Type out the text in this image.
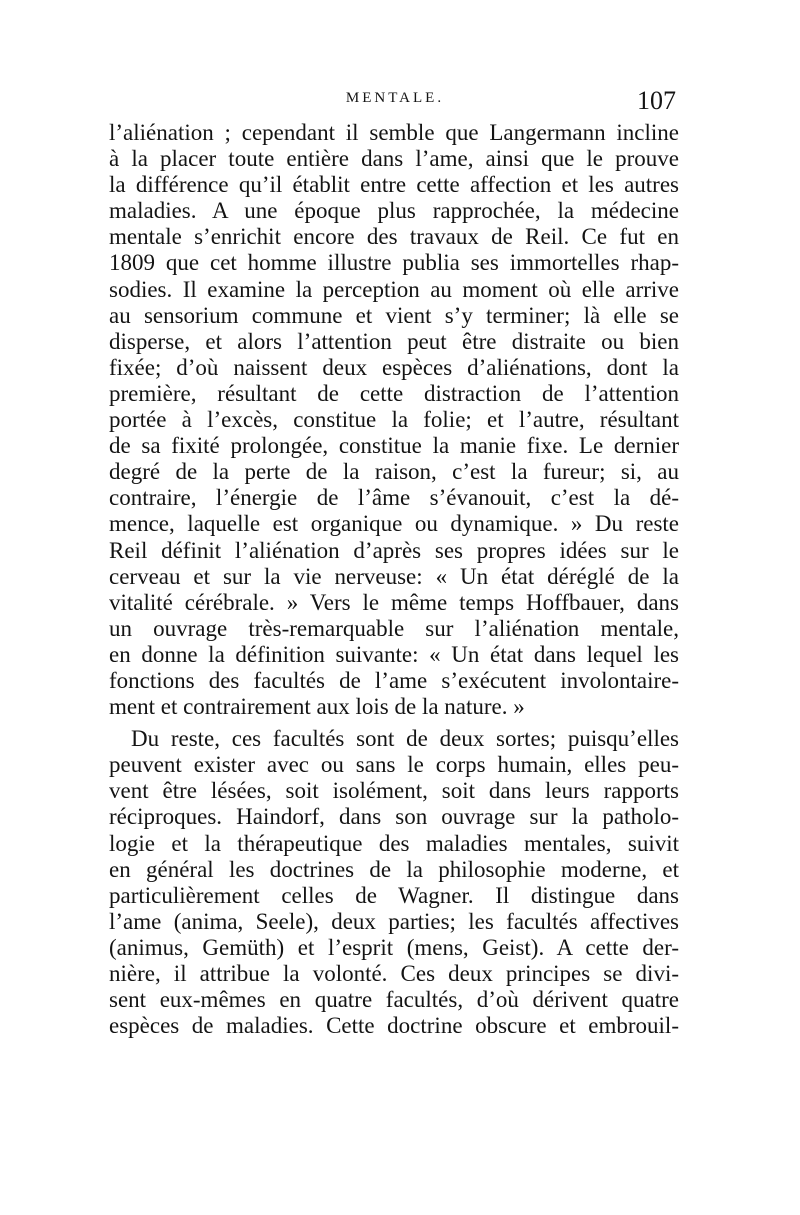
MENTALE.	107
l’aliénation ; cependant il semble que Langermann incline
à la placer toute entière dans l’ame, ainsi que le prouve
la différence qu’il établit entre cette affection et les autres
maladies. A une époque plus rapprochée, la médecine
mentale s’enrichit encore des travaux de Reil. Ce fut en
1809 que cet homme illustre publia ses immortelles rhap-
sodies. Il examine la perception au moment où elle arrive
au sensorium commune et vient s’y terminer; là elle se
disperse, et alors l’attention peut être distraite ou bien
fixée; d’où naissent deux espèces d’aliénations, dont la
première, résultant de cette distraction de l’attention
portée à l’excès, constitue la folie; et l’autre, résultant
de sa fixité prolongée, constitue la manie fixe. Le dernier
degré de la perte de la raison, c’est la fureur; si, au
contraire, l’énergie de l’âme s’évanouit, c’est la dé-
mence, laquelle est organique ou dynamique. » Du reste
Reil définit l’aliénation d’après ses propres idées sur le
cerveau et sur la vie nerveuse: « Un état déréglé de la
vitalité cérébrale. » Vers le même temps Hoffbauer, dans
un ouvrage très-remarquable sur l’aliénation mentale,
en donne la définition suivante: « Un état dans lequel les
fonctions des facultés de l’ame s’exécutent involontaire-
ment et contrairement aux lois de la nature. »
Du reste, ces facultés sont de deux sortes; puisqu’elles
peuvent exister avec ou sans le corps humain, elles peu-
vent être lésées, soit isolément, soit dans leurs rapports
réciproques. Haindorf, dans son ouvrage sur la patholo-
logie et la thérapeutique des maladies mentales, suivit
en général les doctrines de la philosophie moderne, et
particulièrement celles de Wagner. Il distingue dans
l’ame (anima, Seele), deux parties; les facultés affectives
(animus, Gemüth) et l’esprit (mens, Geist). A cette der-
nière, il attribue la volonté. Ces deux principes se divi-
sent eux-mêmes en quatre facultés, d’où dérivent quatre
espèces de maladies. Cette doctrine obscure et embrouil-
